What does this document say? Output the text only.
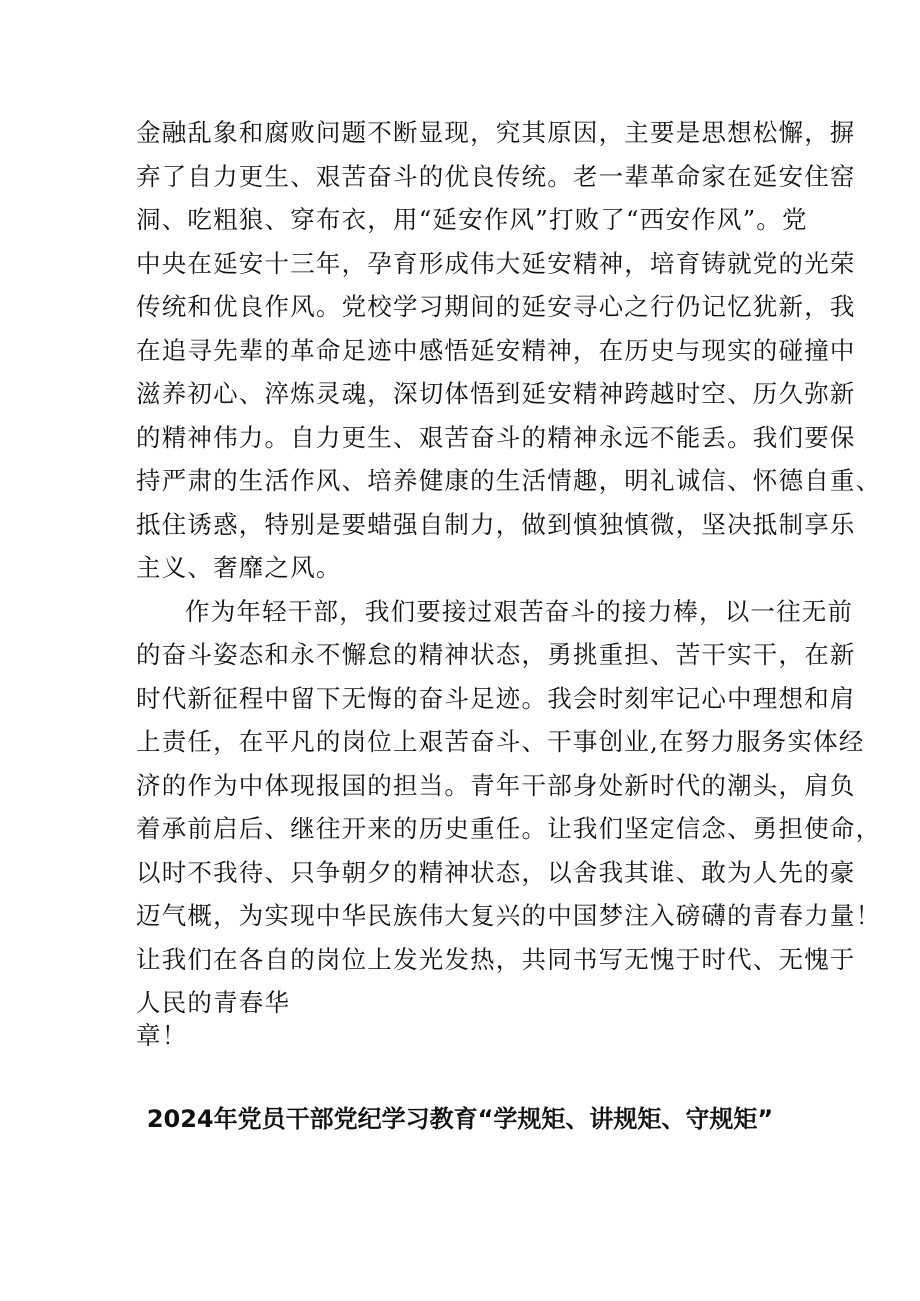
金融乱象和腐败问题不断显现，究其原因，主要是思想松懈，摒
弃了自力更生、艰苦奋斗的优良传统。老一辈革命家在延安住窑
洞、吃粗狼、穿布衣，用“延安作风”打败了“西安作风”。党
中央在延安十三年，孕育形成伟大延安精神，培育铸就党的光荣
传统和优良作风。党校学习期间的延安寻心之行仍记忆犹新，我
在追寻先辈的革命足迹中感悟延安精神，在历史与现实的碰撞中
滋养初心、淬炼灵魂，深切体悟到延安精神跨越时空、历久弥新
的精神伟力。自力更生、艰苦奋斗的精神永远不能丢。我们要保
持严肃的生活作风、培养健康的生活情趣，明礼诚信、怀德自重、
抵住诱惑，特别是要蜡强自制力，做到慎独慎微，坚决抵制享乐
主义、奢靡之风。
作为年轻干部，我们要接过艰苦奋斗的接力棒，以一往无前
的奋斗姿态和永不懈怠的精神状态，勇挑重担、苦干实干，在新
时代新征程中留下无悔的奋斗足迹。我会时刻牢记心中理想和肩
上责任，在平凡的岗位上艰苦奋斗、干事创业,在努力服务实体经
济的作为中体现报国的担当。青年干部身处新时代的潮头，肩负
着承前启后、继往开来的历史重任。让我们坚定信念、勇担使命，
以时不我待、只争朝夕的精神状态，以舍我其谁、敢为人先的豪
迈气概，为实现中华民族伟大复兴的中国梦注入磅礴的青春力量！
让我们在各自的岗位上发光发热，共同书写无愧于时代、无愧于
人民的青春华
章！
2024年党员干部党纪学习教育“学规矩、讲规矩、守规矩”
